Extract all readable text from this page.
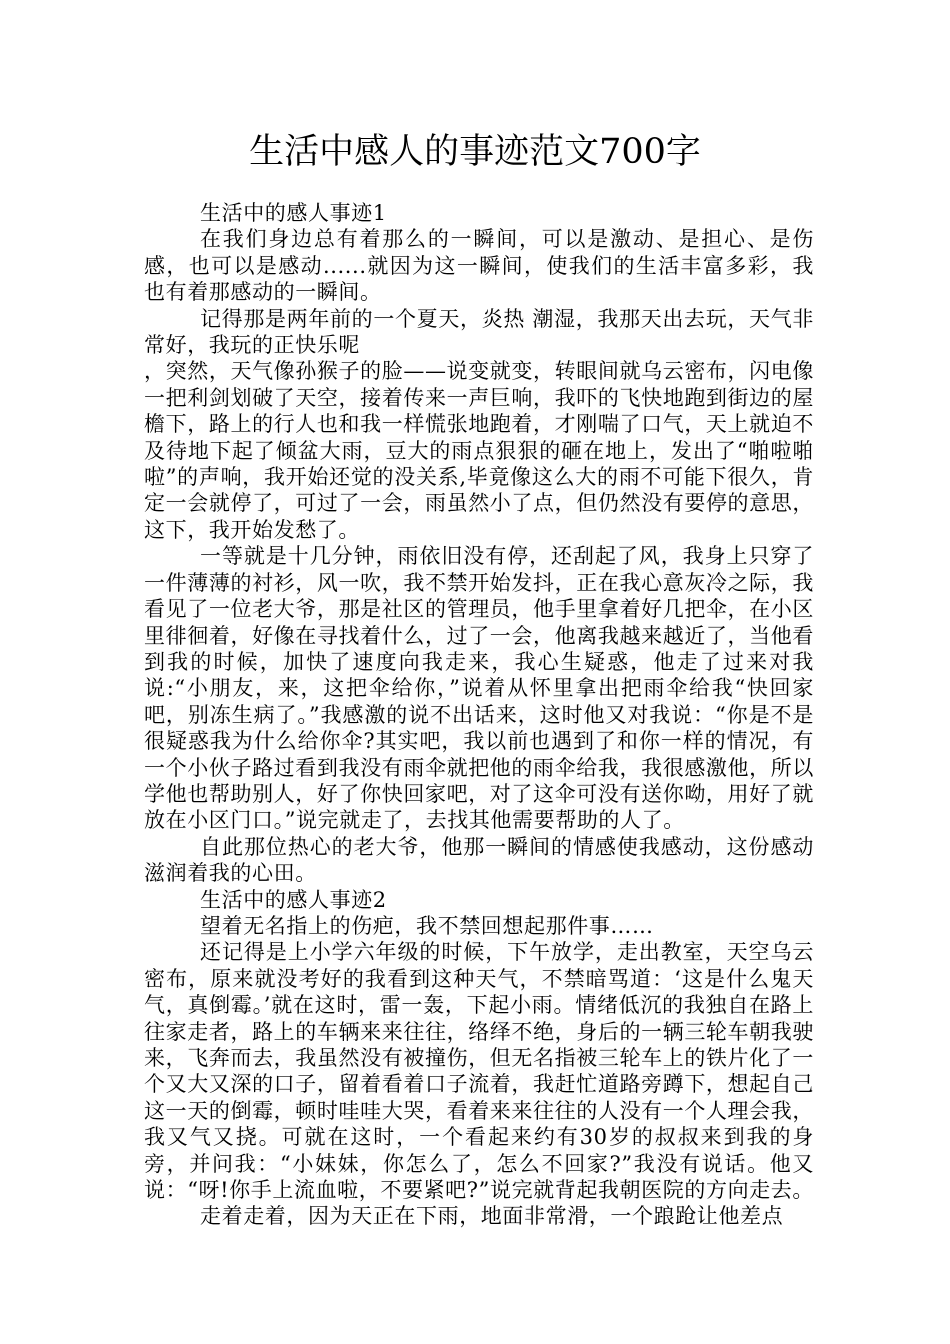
生活中感人的事迹范文700字

生活中的感人事迹1

在我们身边总有着那么的一瞬间，可以是激动、是担心、是伤感，也可以是感动......就因为这一瞬间，使我们的生活丰富多彩，我也有着那感动的一瞬间。

记得那是两年前的一个夏天，炎热 潮湿，我那天出去玩，天气非常好，我玩的正快乐呢

，突然，天气像孙猴子的脸——说变就变，转眼间就乌云密布，闪电像一把利剑划破了天空，接着传来一声巨响，我吓的飞快地跑到街边的屋檐下，路上的行人也和我一样慌张地跑着，才刚喘了口气，天上就迫不及待地下起了倾盆大雨，豆大的雨点狠狠的砸在地上，发出了“啪啦啪啦”的声响，我开始还觉的没关系,毕竟像这么大的雨不可能下很久，肯定一会就停了，可过了一会，雨虽然小了点，但仍然没有要停的意思，这下，我开始发愁了。

一等就是十几分钟，雨依旧没有停，还刮起了风，我身上只穿了一件薄薄的衬衫，风一吹，我不禁开始发抖，正在我心意灰冷之际，我看见了一位老大爷，那是社区的管理员，他手里拿着好几把伞，在小区里徘徊着，好像在寻找着什么，过了一会，他离我越来越近了，当他看到我的时候，加快了速度向我走来，我心生疑惑，他走了过来对我说:“小朋友，来，这把伞给你，”说着从怀里拿出把雨伞给我“快回家吧，别冻生病了。”我感激的说不出话来，这时他又对我说：“你是不是很疑惑我为什么给你伞?其实吧，我以前也遇到了和你一样的情况，有一个小伙子路过看到我没有雨伞就把他的雨伞给我，我很感激他，所以学他也帮助别人，好了你快回家吧，对了这伞可没有送你呦，用好了就放在小区门口。”说完就走了，去找其他需要帮助的人了。

自此那位热心的老大爷，他那一瞬间的情感使我感动，这份感动滋润着我的心田。

生活中的感人事迹2

望着无名指上的伤疤，我不禁回想起那件事……

还记得是上小学六年级的时候，下午放学，走出教室，天空乌云密布，原来就没考好的我看到这种天气，不禁暗骂道：‘这是什么鬼天气，真倒霉。’就在这时，雷一轰，下起小雨。情绪低沉的我独自在路上往家走者，路上的车辆来来往往，络绎不绝，身后的一辆三轮车朝我驶来，飞奔而去，我虽然没有被撞伤，但无名指被三轮车上的铁片化了一个又大又深的口子，留着看着口子流着，我赶忙道路旁蹲下，想起自己这一天的倒霉，顿时哇哇大哭，看着来来往往的人没有一个人理会我，我又气又挠。可就在这时，一个看起来约有30岁的叔叔来到我的身旁，并问我：“小妹妹，你怎么了，怎么不回家?”我没有说话。他又说：“呀!你手上流血啦，不要紧吧?”说完就背起我朝医院的方向走去。

走着走着，因为天正在下雨，地面非常滑，一个踉跄让他差点
